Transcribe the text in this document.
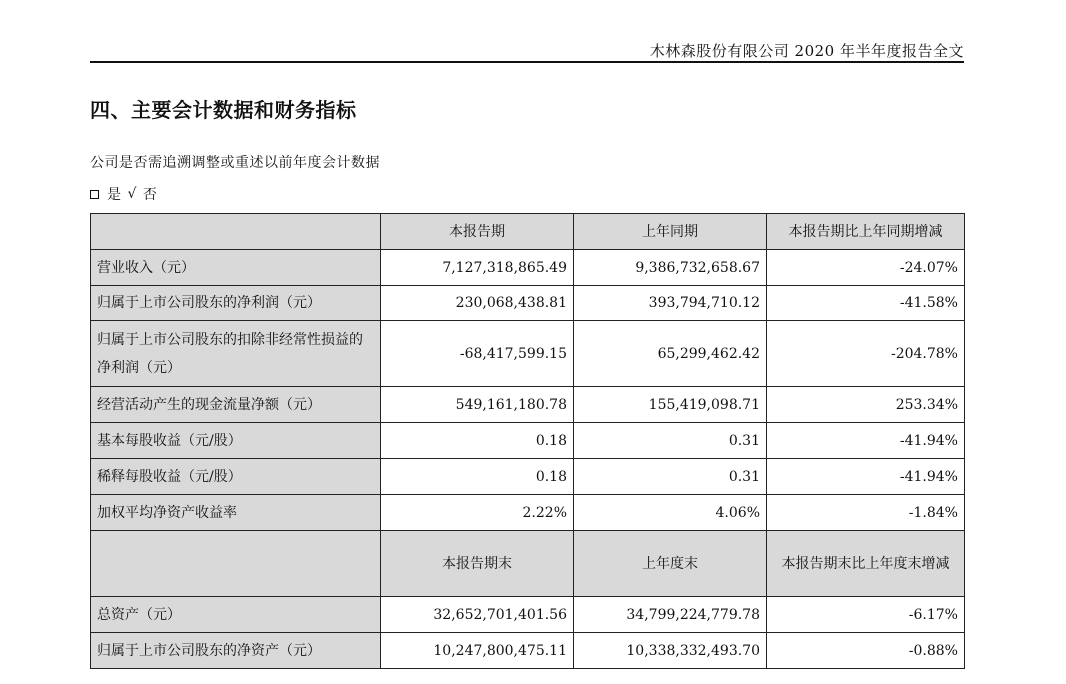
木林森股份有限公司 2020 年半年度报告全文
四、主要会计数据和财务指标
公司是否需追溯调整或重述以前年度会计数据
是 √ 否
	本报告期	上年同期	本报告期比上年同期增减
营业收入（元）	7,127,318,865.49	9,386,732,658.67	-24.07%
归属于上市公司股东的净利润（元）	230,068,438.81	393,794,710.12	-41.58%
归属于上市公司股东的扣除非经常性损益的净利润（元）	-68,417,599.15	65,299,462.42	-204.78%
经营活动产生的现金流量净额（元）	549,161,180.78	155,419,098.71	253.34%
基本每股收益（元/股）	0.18	0.31	-41.94%
稀释每股收益（元/股）	0.18	0.31	-41.94%
加权平均净资产收益率	2.22%	4.06%	-1.84%
	本报告期末	上年度末	本报告期末比上年度末增减
总资产（元）	32,652,701,401.56	34,799,224,779.78	-6.17%
归属于上市公司股东的净资产（元）	10,247,800,475.11	10,338,332,493.70	-0.88%
